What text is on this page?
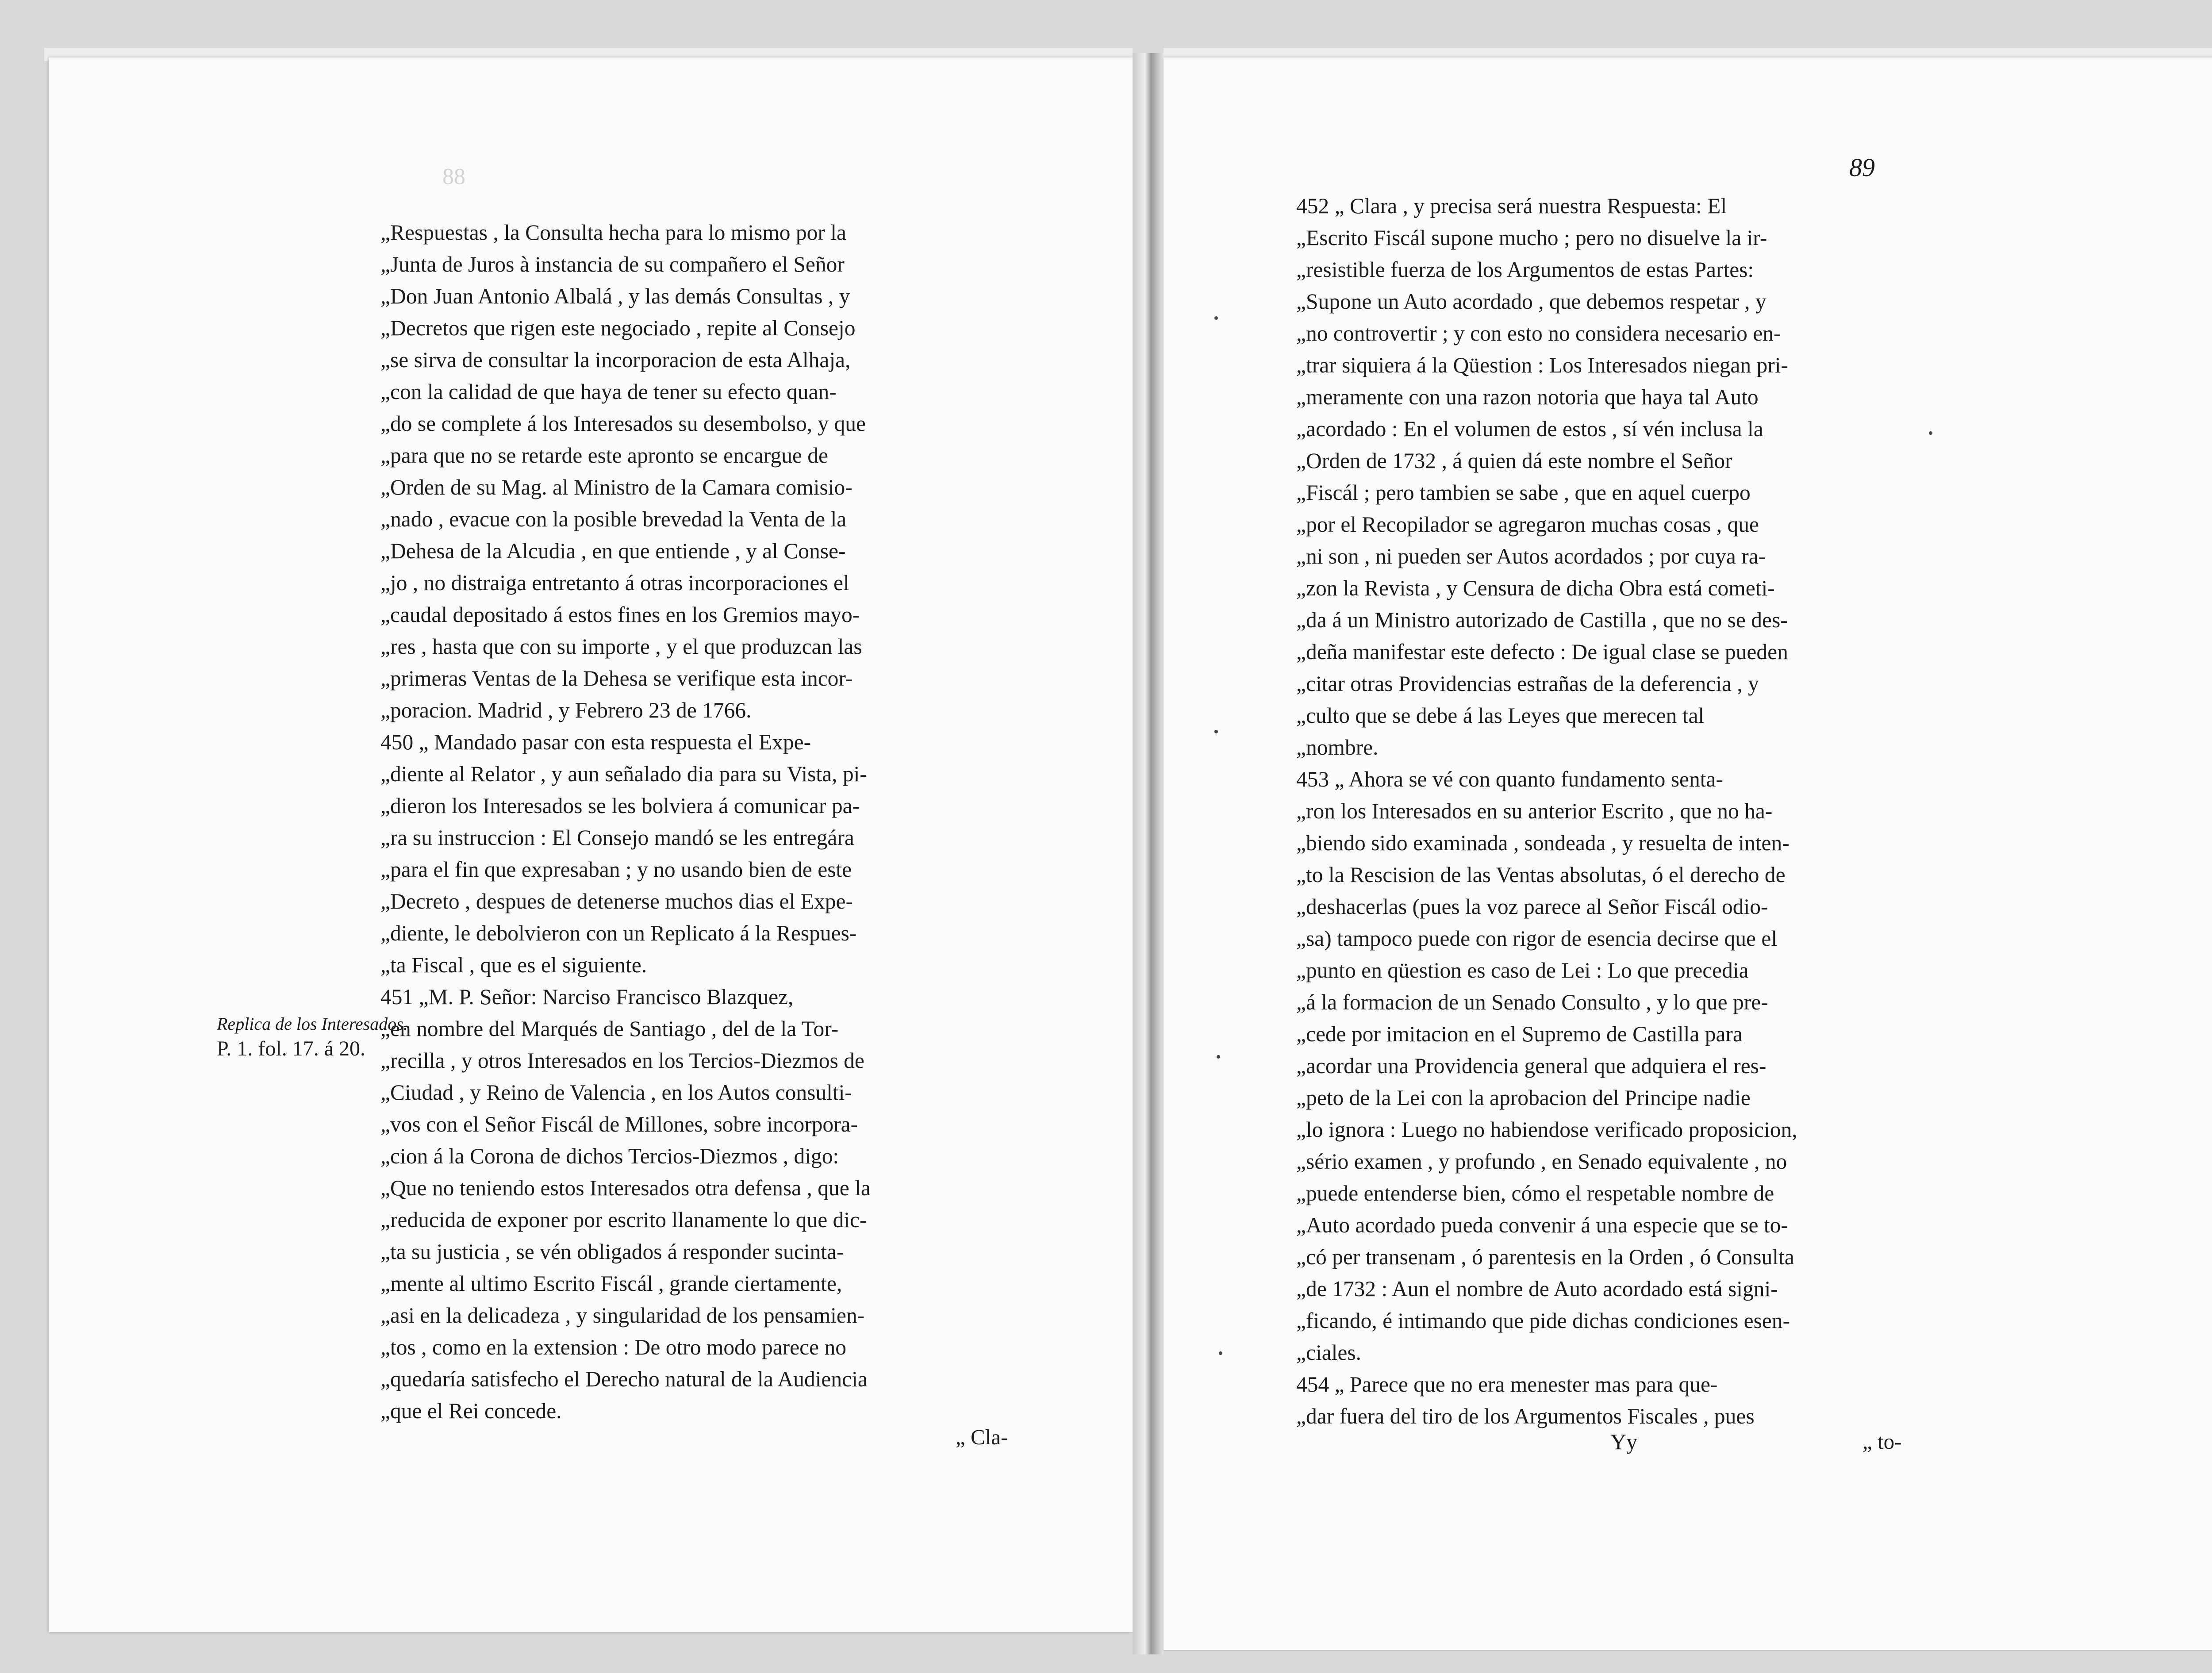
88

„Respuestas , la Consulta hecha para lo mismo por la

„Junta de Juros à instancia de su compañero el Señor

„Don Juan Antonio Albalá , y las demás Consultas , y

„Decretos que rigen este negociado , repite al Consejo

„se sirva de consultar la incorporacion de esta Alhaja,

„con la calidad de que haya de tener su efecto quan-

„do se complete á los Interesados su desembolso, y que

„para que no se retarde este apronto se encargue de

„Orden de su Mag. al Ministro de la Camara comisio-

„nado , evacue con la posible brevedad la Venta de la

„Dehesa de la Alcudia , en que entiende , y al Conse-

„jo , no distraiga entretanto á otras incorporaciones el

„caudal depositado á estos fines en los Gremios mayo-

„res , hasta que con su importe , y el que produzcan las

„primeras Ventas de la Dehesa se verifique esta incor-

„poracion. Madrid , y Febrero 23 de 1766.

450 „ Mandado pasar con esta respuesta el Expe-

„diente al Relator , y aun señalado dia para su Vista, pi-

„dieron los Interesados se les bolviera á comunicar pa-

„ra su instruccion : El Consejo mandó se les entregára

„para el fin que expresaban ; y no usando bien de este

„Decreto , despues de detenerse muchos dias el Expe-

„diente, le debolvieron con un Replicato á la Respues-

„ta Fiscal , que es el siguiente.

451 „M. P. Señor: Narciso Francisco Blazquez,

„en nombre del Marqués de Santiago , del de la Tor-

„recilla , y otros Interesados en los Tercios-Diezmos de

„Ciudad , y Reino de Valencia , en los Autos consulti-

„vos con el Señor Fiscál de Millones, sobre incorpora-

„cion á la Corona de dichos Tercios-Diezmos , digo:

„Que no teniendo estos Interesados otra defensa , que la

„reducida de exponer por escrito llanamente lo que dic-

„ta su justicia , se vén obligados á responder sucinta-

„mente al ultimo Escrito Fiscál , grande ciertamente,

„asi en la delicadeza , y singularidad de los pensamien-

„tos , como en la extension : De otro modo parece no

„quedaría satisfecho el Derecho natural de la Audiencia

„que el Rei concede.

Replica de los Interesados.
P. 1. fol. 17. á 20.
„ Cla-
89

452 „ Clara , y precisa será nuestra Respuesta: El

„Escrito Fiscál supone mucho ; pero no disuelve la ir-

„resistible fuerza de los Argumentos de estas Partes:

„Supone un Auto acordado , que debemos respetar , y

„no controvertir ; y con esto no considera necesario en-

„trar siquiera á la Qüestion : Los Interesados niegan pri-

„meramente con una razon notoria que haya tal Auto

„acordado : En el volumen de estos , sí vén inclusa la

„Orden de 1732 , á quien dá este nombre el Señor

„Fiscál ; pero tambien se sabe , que en aquel cuerpo

„por el Recopilador se agregaron muchas cosas , que

„ni son , ni pueden ser Autos acordados ; por cuya ra-

„zon la Revista , y Censura de dicha Obra está cometi-

„da á un Ministro autorizado de Castilla , que no se des-

„deña manifestar este defecto : De igual clase se pueden

„citar otras Providencias estrañas de la deferencia , y

„culto que se debe á las Leyes que merecen tal

„nombre.

453 „ Ahora se vé con quanto fundamento senta-

„ron los Interesados en su anterior Escrito , que no ha-

„biendo sido examinada , sondeada , y resuelta de inten-

„to la Rescision de las Ventas absolutas, ó el derecho de

„deshacerlas (pues la voz parece al Señor Fiscál odio-

„sa) tampoco puede con rigor de esencia decirse que el

„punto en qüestion es caso de Lei : Lo que precedia

„á la formacion de un Senado Consulto , y lo que pre-

„cede por imitacion en el Supremo de Castilla para

„acordar una Providencia general que adquiera el res-

„peto de la Lei con la aprobacion del Principe nadie

„lo ignora : Luego no habiendose verificado proposicion,

„sério examen , y profundo , en Senado equivalente , no

„puede entenderse bien, cómo el respetable nombre de

„Auto acordado pueda convenir á una especie que se to-

„có per transenam , ó parentesis en la Orden , ó Consulta

„de 1732 : Aun el nombre de Auto acordado está signi-

„ficando, é intimando que pide dichas condiciones esen-

„ciales.

454 „ Parece que no era menester mas para que-

„dar fuera del tiro de los Argumentos Fiscales , pues

Yy	„ to-
